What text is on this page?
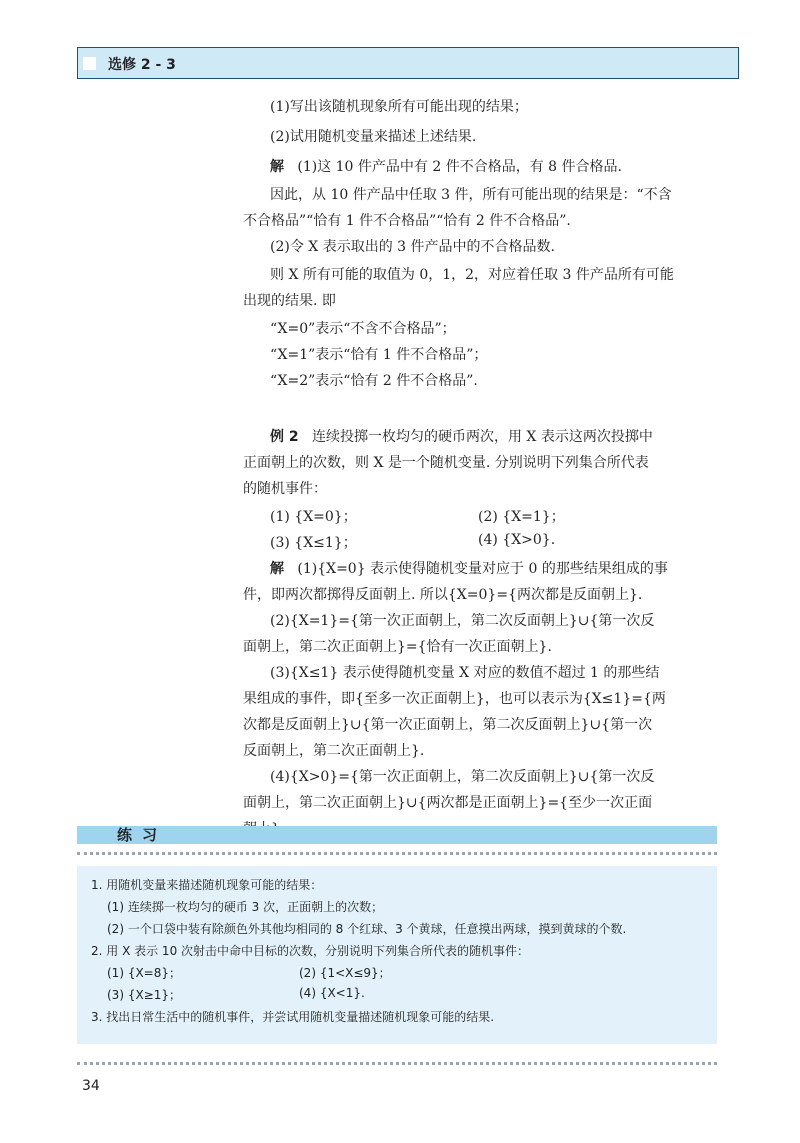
选修 2 - 3
(1)写出该随机现象所有可能出现的结果；
(2)试用随机变量来描述上述结果.
解 (1)这 10 件产品中有 2 件不合格品，有 8 件合格品.
因此，从 10 件产品中任取 3 件，所有可能出现的结果是：“不含
不合格品”“恰有 1 件不合格品”“恰有 2 件不合格品”.
(2)令 X 表示取出的 3 件产品中的不合格品数.
则 X 所有可能的取值为 0，1，2，对应着任取 3 件产品所有可能
出现的结果. 即
“X=0”表示“不含不合格品”；
“X=1”表示“恰有 1 件不合格品”；
“X=2”表示“恰有 2 件不合格品”.
例 2 连续投掷一枚均匀的硬币两次，用 X 表示这两次投掷中
正面朝上的次数，则 X 是一个随机变量. 分别说明下列集合所代表
的随机事件：
(1) {X=0}；	(2) {X=1}；
(3) {X≤1}；	(4) {X>0}.
解 (1){X=0} 表示使得随机变量对应于 0 的那些结果组成的事
件，即两次都掷得反面朝上. 所以{X=0}={两次都是反面朝上}.
(2){X=1}={第一次正面朝上，第二次反面朝上}∪{第一次反
面朝上，第二次正面朝上}={恰有一次正面朝上}.
(3){X≤1} 表示使得随机变量 X 对应的数值不超过 1 的那些结
果组成的事件，即{至多一次正面朝上}，也可以表示为{X≤1}={两
次都是反面朝上}∪{第一次正面朝上，第二次反面朝上}∪{第一次
反面朝上，第二次正面朝上}.
(4){X>0}={第一次正面朝上，第二次反面朝上}∪{第一次反
面朝上，第二次正面朝上}∪{两次都是正面朝上}={至少一次正面
练习
1. 用随机变量来描述随机现象可能的结果：
(1) 连续掷一枚均匀的硬币 3 次，正面朝上的次数；
(2) 一个口袋中装有除颜色外其他均相同的 8 个红球、3 个黄球，任意摸出两球，摸到黄球的个数.
2. 用 X 表示 10 次射击中命中目标的次数，分别说明下列集合所代表的随机事件：
(1) {X=8}；	(2) {1<X≤9}；
(3) {X≥1}；	(4) {X<1}.
3. 找出日常生活中的随机事件，并尝试用随机变量描述随机现象可能的结果.
34
